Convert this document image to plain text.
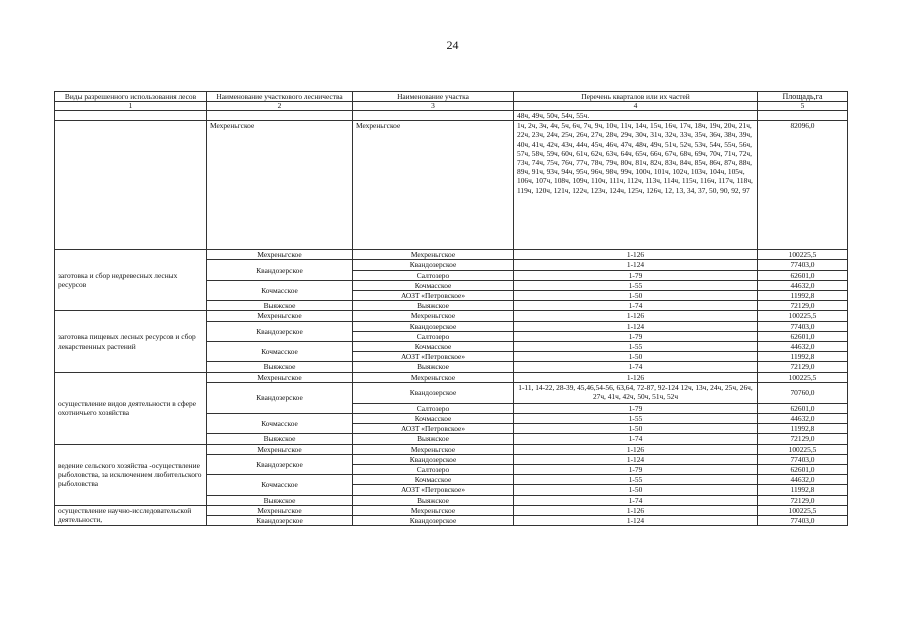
24
Виды разрешенного использования лесов	Наименование участкового лесничества	Наименование участка	Перечень кварталов или их частей	Площадь,га
1	2	3	4	5
			48ч, 49ч, 50ч, 54ч, 55ч.	
	Мехреньгское	Мехреньгское	1ч, 2ч, 3ч, 4ч, 5ч, 6ч, 7ч, 9ч, 10ч, 11ч, 14ч, 15ч, 16ч, 17ч, 18ч, 19ч, 20ч, 21ч, 22ч, 23ч, 24ч, 25ч, 26ч, 27ч, 28ч, 29ч, 30ч, 31ч, 32ч, 33ч, 35ч, 36ч, 38ч, 39ч, 40ч, 41ч, 42ч, 43ч, 44ч, 45ч, 46ч, 47ч, 48ч, 49ч, 51ч, 52ч, 53ч, 54ч, 55ч, 56ч, 57ч, 58ч, 59ч, 60ч, 61ч, 62ч, 63ч, 64ч, 65ч, 66ч, 67ч, 68ч, 69ч, 70ч, 71ч, 72ч, 73ч, 74ч, 75ч, 76ч, 77ч, 78ч, 79ч, 80ч, 81ч, 82ч, 83ч, 84ч, 85ч, 86ч, 87ч, 88ч, 89ч, 91ч, 93ч, 94ч, 95ч, 96ч, 98ч, 99ч, 100ч, 101ч, 102ч, 103ч, 104ч, 105ч, 106ч, 107ч, 108ч, 109ч, 110ч, 111ч, 112ч, 113ч, 114ч, 115ч, 116ч, 117ч, 118ч, 119ч, 120ч, 121ч, 122ч, 123ч, 124ч, 125ч, 126ч, 12, 13, 34, 37, 50, 90, 92, 97	82096,0
заготовка и сбор недревесных лесных ресурсов	Мехреньгское	Мехреньгское	1-126	100225,5
	Квандозерское	Квандозерское	1-124	77403,0
		Салтозеро	1-79	62601,0
	Кочмасское	Кочмасское	1-55	44632,0
		АОЗТ «Петровское»	1-50	11992,8
	Выяжское	Выяжское	1-74	72129,0
заготовка пищевых лесных ресурсов и сбор лекарственных растений	Мехреньгское	Мехреньгское	1-126	100225,5
	Квандозерское	Квандозерское	1-124	77403,0
		Салтозеро	1-79	62601,0
	Кочмасское	Кочмасское	1-55	44632,0
		АОЗТ «Петровское»	1-50	11992,8
	Выяжское	Выяжское	1-74	72129,0
осуществление видов деятельности в сфере охотничьего хозяйства	Мехреньгское	Мехреньгское	1-126	100225,5
	Квандозерское	Квандозерское	1-11, 14-22, 28-39, 45,46,54-56, 63,64, 72-87, 92-124 12ч, 13ч, 24ч, 25ч, 26ч, 27ч, 41ч, 42ч, 50ч, 51ч, 52ч	70760,0
		Салтозеро	1-79	62601,0
	Кочмасское	Кочмасское	1-55	44632,0
		АОЗТ «Петровское»	1-50	11992,8
	Выяжское	Выяжское	1-74	72129,0
ведение сельского хозяйства -осуществление рыболовства, за исключением любительского рыболовства	Мехреньгское	Мехреньгское	1-126	100225,5
	Квандозерское	Квандозерское	1-124	77403,0
		Салтозеро	1-79	62601,0
	Кочмасское	Кочмасское	1-55	44632,0
		АОЗТ «Петровское»	1-50	11992,8
	Выяжское	Выяжское	1-74	72129,0
осуществление научно-исследовательской деятельности,	Мехреньгское	Мехреньгское	1-126	100225,5
	Квандозерское	Квандозерское	1-124	77403,0
